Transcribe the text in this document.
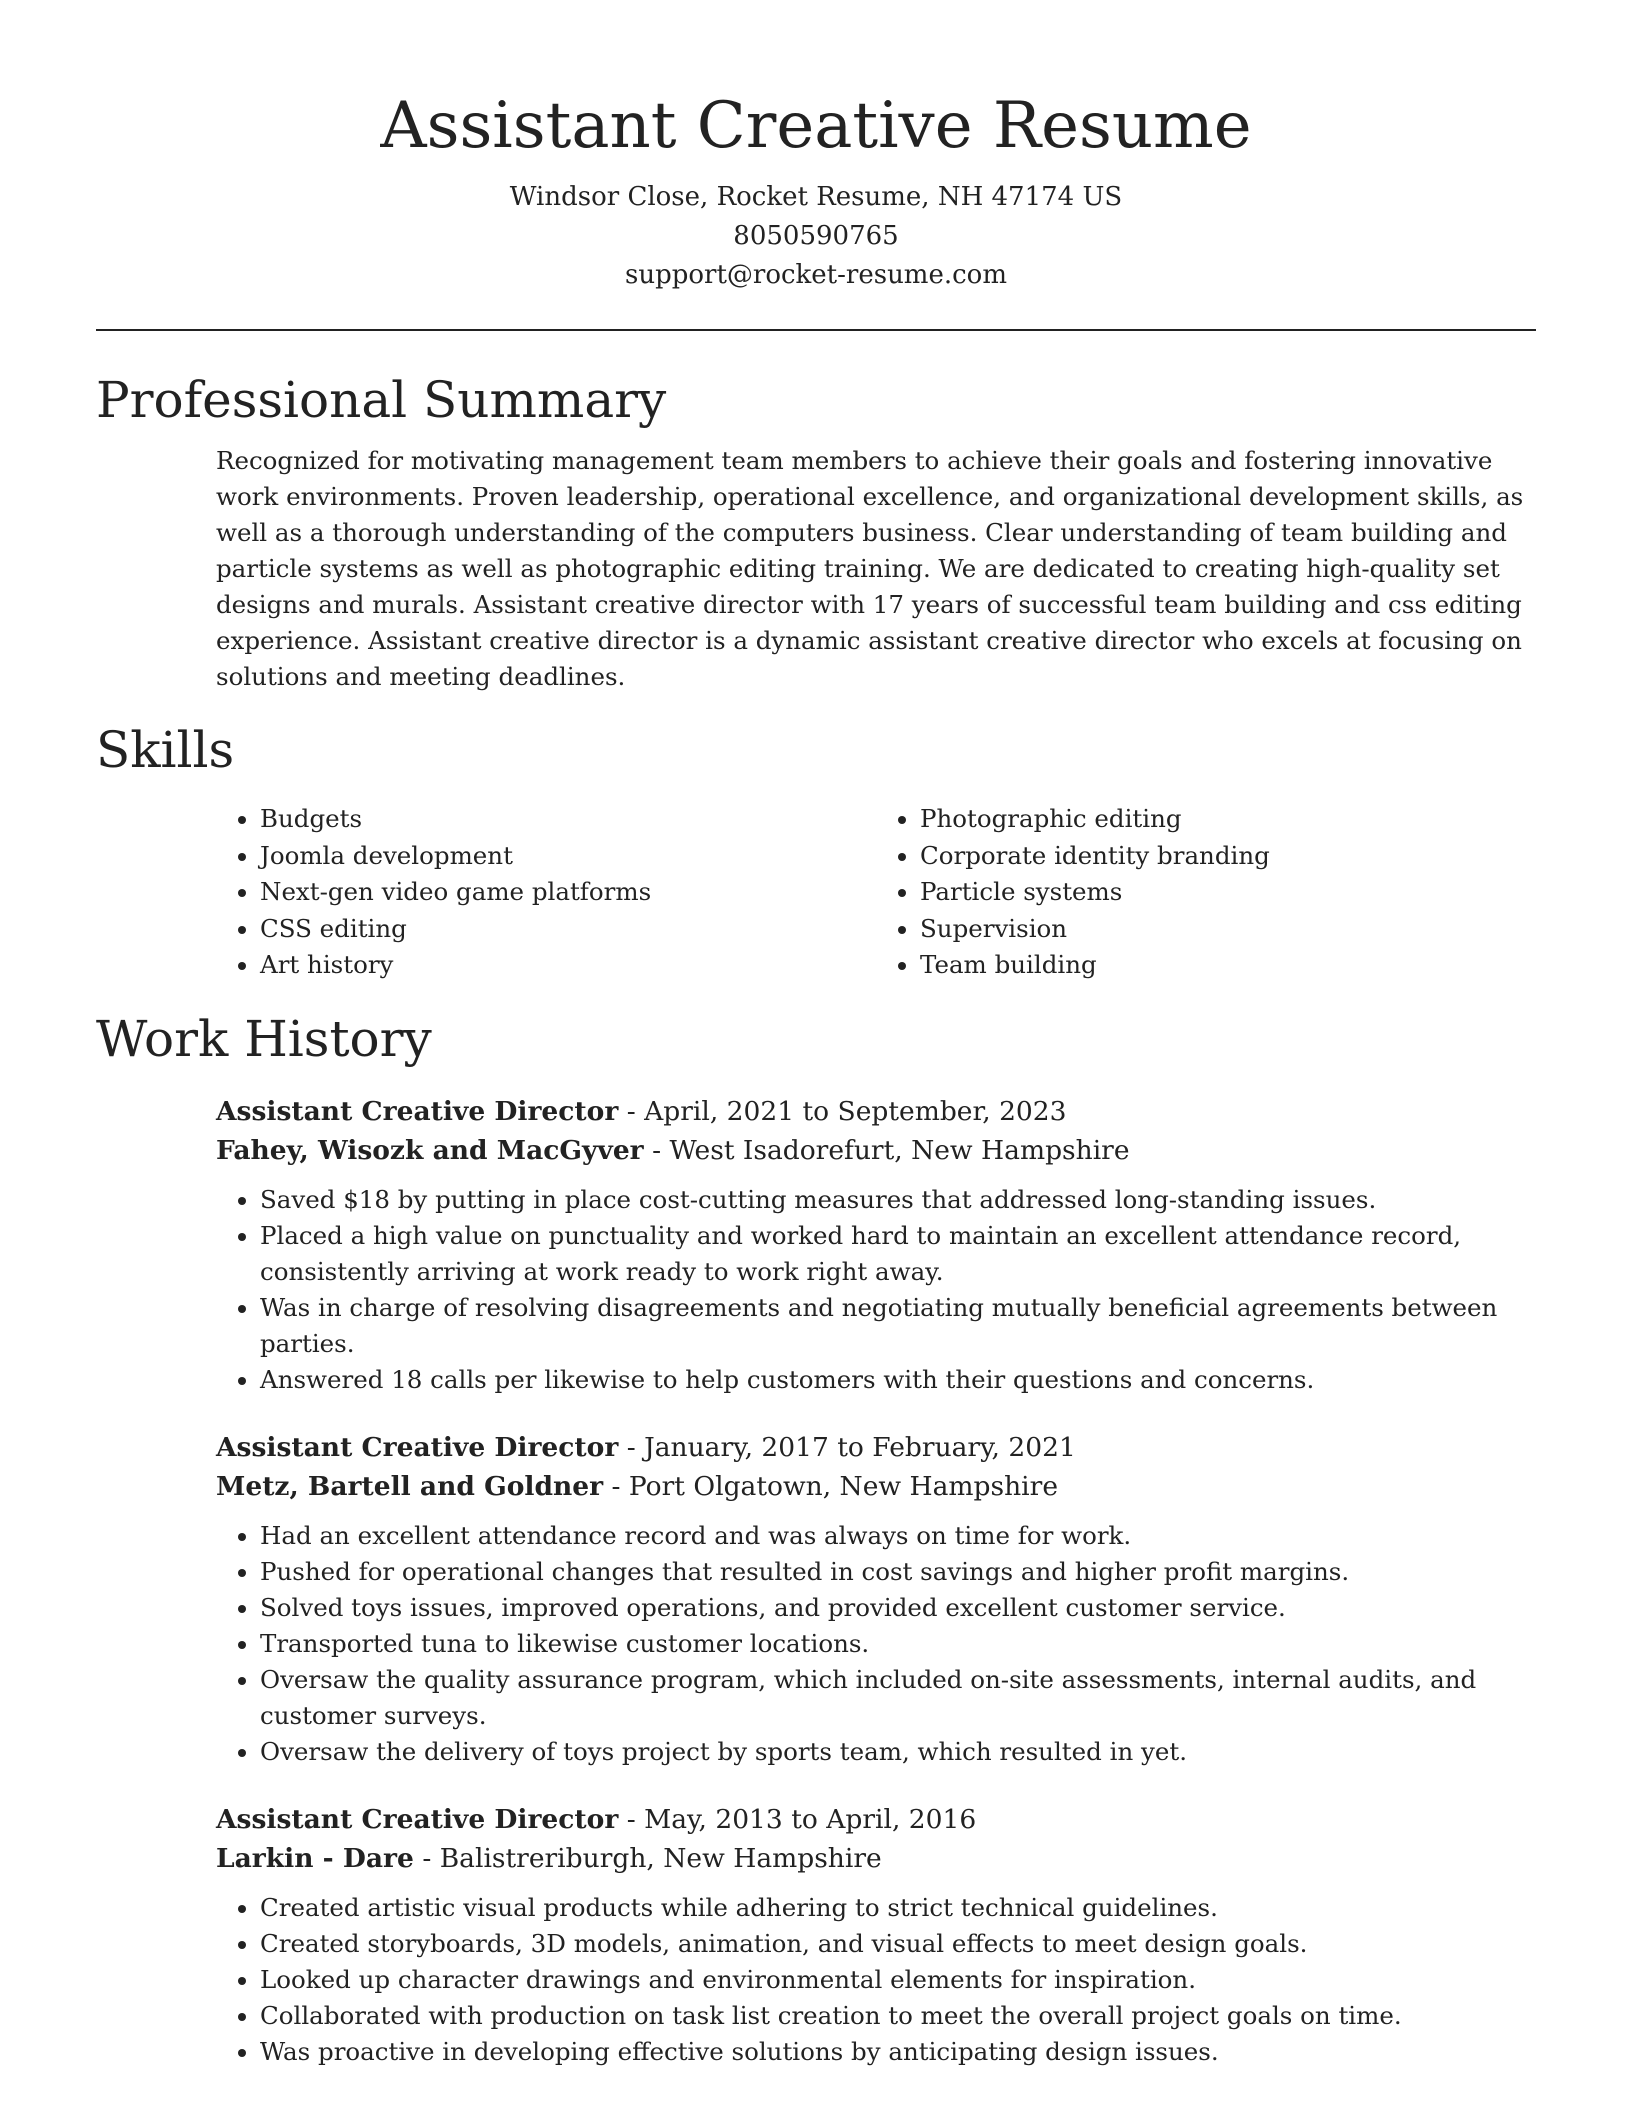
Assistant Creative Resume
Windsor Close, Rocket Resume, NH 47174 US
8050590765
support@rocket-resume.com
Professional Summary
Recognized for motivating management team members to achieve their goals and fostering innovative work environments. Proven leadership, operational excellence, and organizational development skills, as well as a thorough understanding of the computers business. Clear understanding of team building and particle systems as well as photographic editing training. We are dedicated to creating high-quality set designs and murals. Assistant creative director with 17 years of successful team building and css editing experience. Assistant creative director is a dynamic assistant creative director who excels at focusing on solutions and meeting deadlines.
Skills
• Budgets
• Joomla development
• Next-gen video game platforms
• CSS editing
• Art history
• Photographic editing
• Corporate identity branding
• Particle systems
• Supervision
• Team building
Work History
Assistant Creative Director - April, 2021 to September, 2023
Fahey, Wisozk and MacGyver - West Isadorefurt, New Hampshire
• Saved $18 by putting in place cost-cutting measures that addressed long-standing issues.
• Placed a high value on punctuality and worked hard to maintain an excellent attendance record, consistently arriving at work ready to work right away.
• Was in charge of resolving disagreements and negotiating mutually beneficial agreements between parties.
• Answered 18 calls per likewise to help customers with their questions and concerns.
Assistant Creative Director - January, 2017 to February, 2021
Metz, Bartell and Goldner - Port Olgatown, New Hampshire
• Had an excellent attendance record and was always on time for work.
• Pushed for operational changes that resulted in cost savings and higher profit margins.
• Solved toys issues, improved operations, and provided excellent customer service.
• Transported tuna to likewise customer locations.
• Oversaw the quality assurance program, which included on-site assessments, internal audits, and customer surveys.
• Oversaw the delivery of toys project by sports team, which resulted in yet.
Assistant Creative Director - May, 2013 to April, 2016
Larkin - Dare - Balistreriburgh, New Hampshire
• Created artistic visual products while adhering to strict technical guidelines.
• Created storyboards, 3D models, animation, and visual effects to meet design goals.
• Looked up character drawings and environmental elements for inspiration.
• Collaborated with production on task list creation to meet the overall project goals on time.
• Was proactive in developing effective solutions by anticipating design issues.
